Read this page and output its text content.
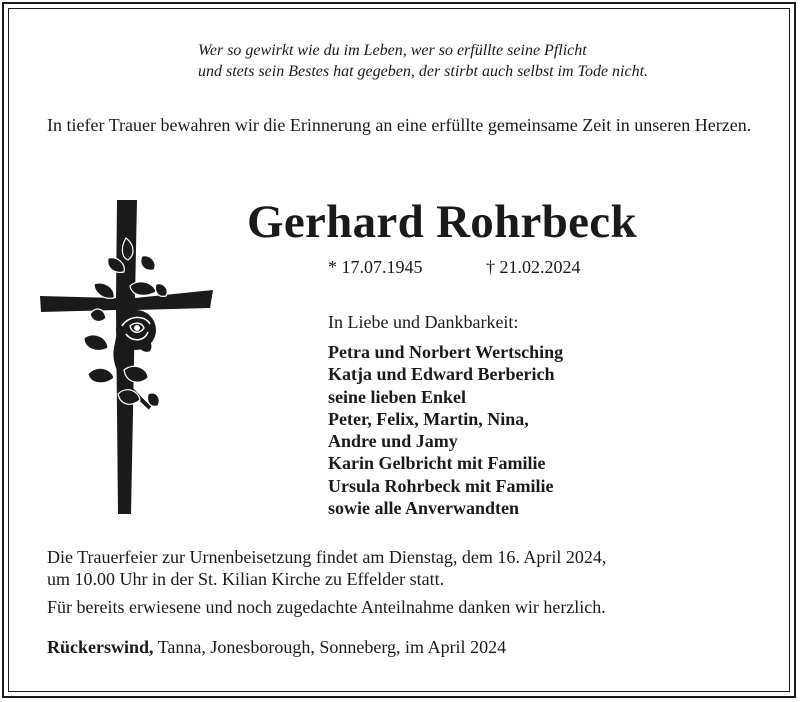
Wer so gewirkt wie du im Leben, wer so erfüllte seine Pflicht
und stets sein Bestes hat gegeben, der stirbt auch selbst im Tode nicht.
In tiefer Trauer bewahren wir die Erinnerung an eine erfüllte gemeinsame Zeit in unseren Herzen.
Gerhard Rohrbeck
* 17.07.1945	† 21.02.2024
In Liebe und Dankbarkeit:
Petra und Norbert Wertsching
Katja und Edward Berberich
seine lieben Enkel
Peter, Felix, Martin, Nina,
Andre und Jamy
Karin Gelbricht mit Familie
Ursula Rohrbeck mit Familie
sowie alle Anverwandten
Die Trauerfeier zur Urnenbeisetzung findet am Dienstag, dem 16. April 2024,
um 10.00 Uhr in der St. Kilian Kirche zu Effelder statt.
Für bereits erwiesene und noch zugedachte Anteilnahme danken wir herzlich.
Rückerswind, Tanna, Jonesborough, Sonneberg, im April 2024
